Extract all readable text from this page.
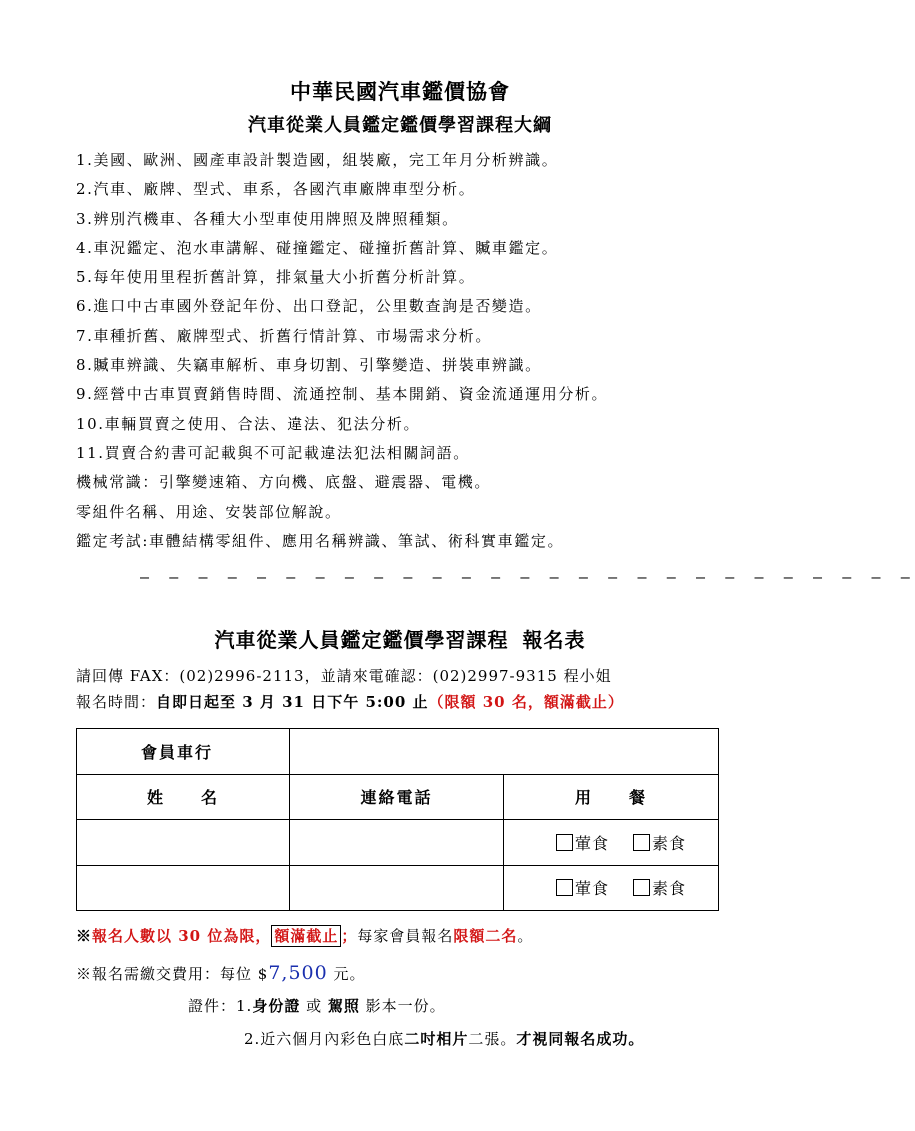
中華民國汽車鑑價協會
汽車從業人員鑑定鑑價學習課程大綱
1.美國、歐洲、國產車設計製造國，組裝廠，完工年月分析辨識。
2.汽車、廠牌、型式、車系，各國汽車廠牌車型分析。
3.辨別汽機車、各種大小型車使用牌照及牌照種類。
4.車況鑑定、泡水車講解、碰撞鑑定、碰撞折舊計算、贓車鑑定。
5.每年使用里程折舊計算，排氣量大小折舊分析計算。
6.進口中古車國外登記年份、出口登記，公里數查詢是否變造。
7.車種折舊、廠牌型式、折舊行情計算、市場需求分析。
8.贓車辨識、失竊車解析、車身切割、引擎變造、拼裝車辨識。
9.經營中古車買賣銷售時間、流通控制、基本開銷、資金流通運用分析。
10.車輛買賣之使用、合法、違法、犯法分析。
11.買賣合約書可記載與不可記載違法犯法相關詞語。
機械常識：引擎變速箱、方向機、底盤、避震器、電機。
零組件名稱、用途、安裝部位解說。
鑑定考試:車體結構零組件、應用名稱辨識、筆試、術科實車鑑定。
— — — — — — — — — — — — — — — — — — — — — — — — — — —
汽車從業人員鑑定鑑價學習課程 報名表
請回傳 FAX：(02)2996-2113，並請來電確認：(02)2997-9315 程小姐
報名時間：自即日起至 3 月 31 日下午 5:00 止（限額 30 名，額滿截止）
會員車行		
姓　　名	連絡電話	用　　餐
		葷食 素食
		葷食 素食
※報名人數以 30 位為限， 額滿截止 ；每家會員報名限額二名。
※報名需繳交費用：每位 $7,500 元。
證件：1.身份證 或 駕照 影本一份。
2.近六個月內彩色白底二吋相片二張。才視同報名成功。
